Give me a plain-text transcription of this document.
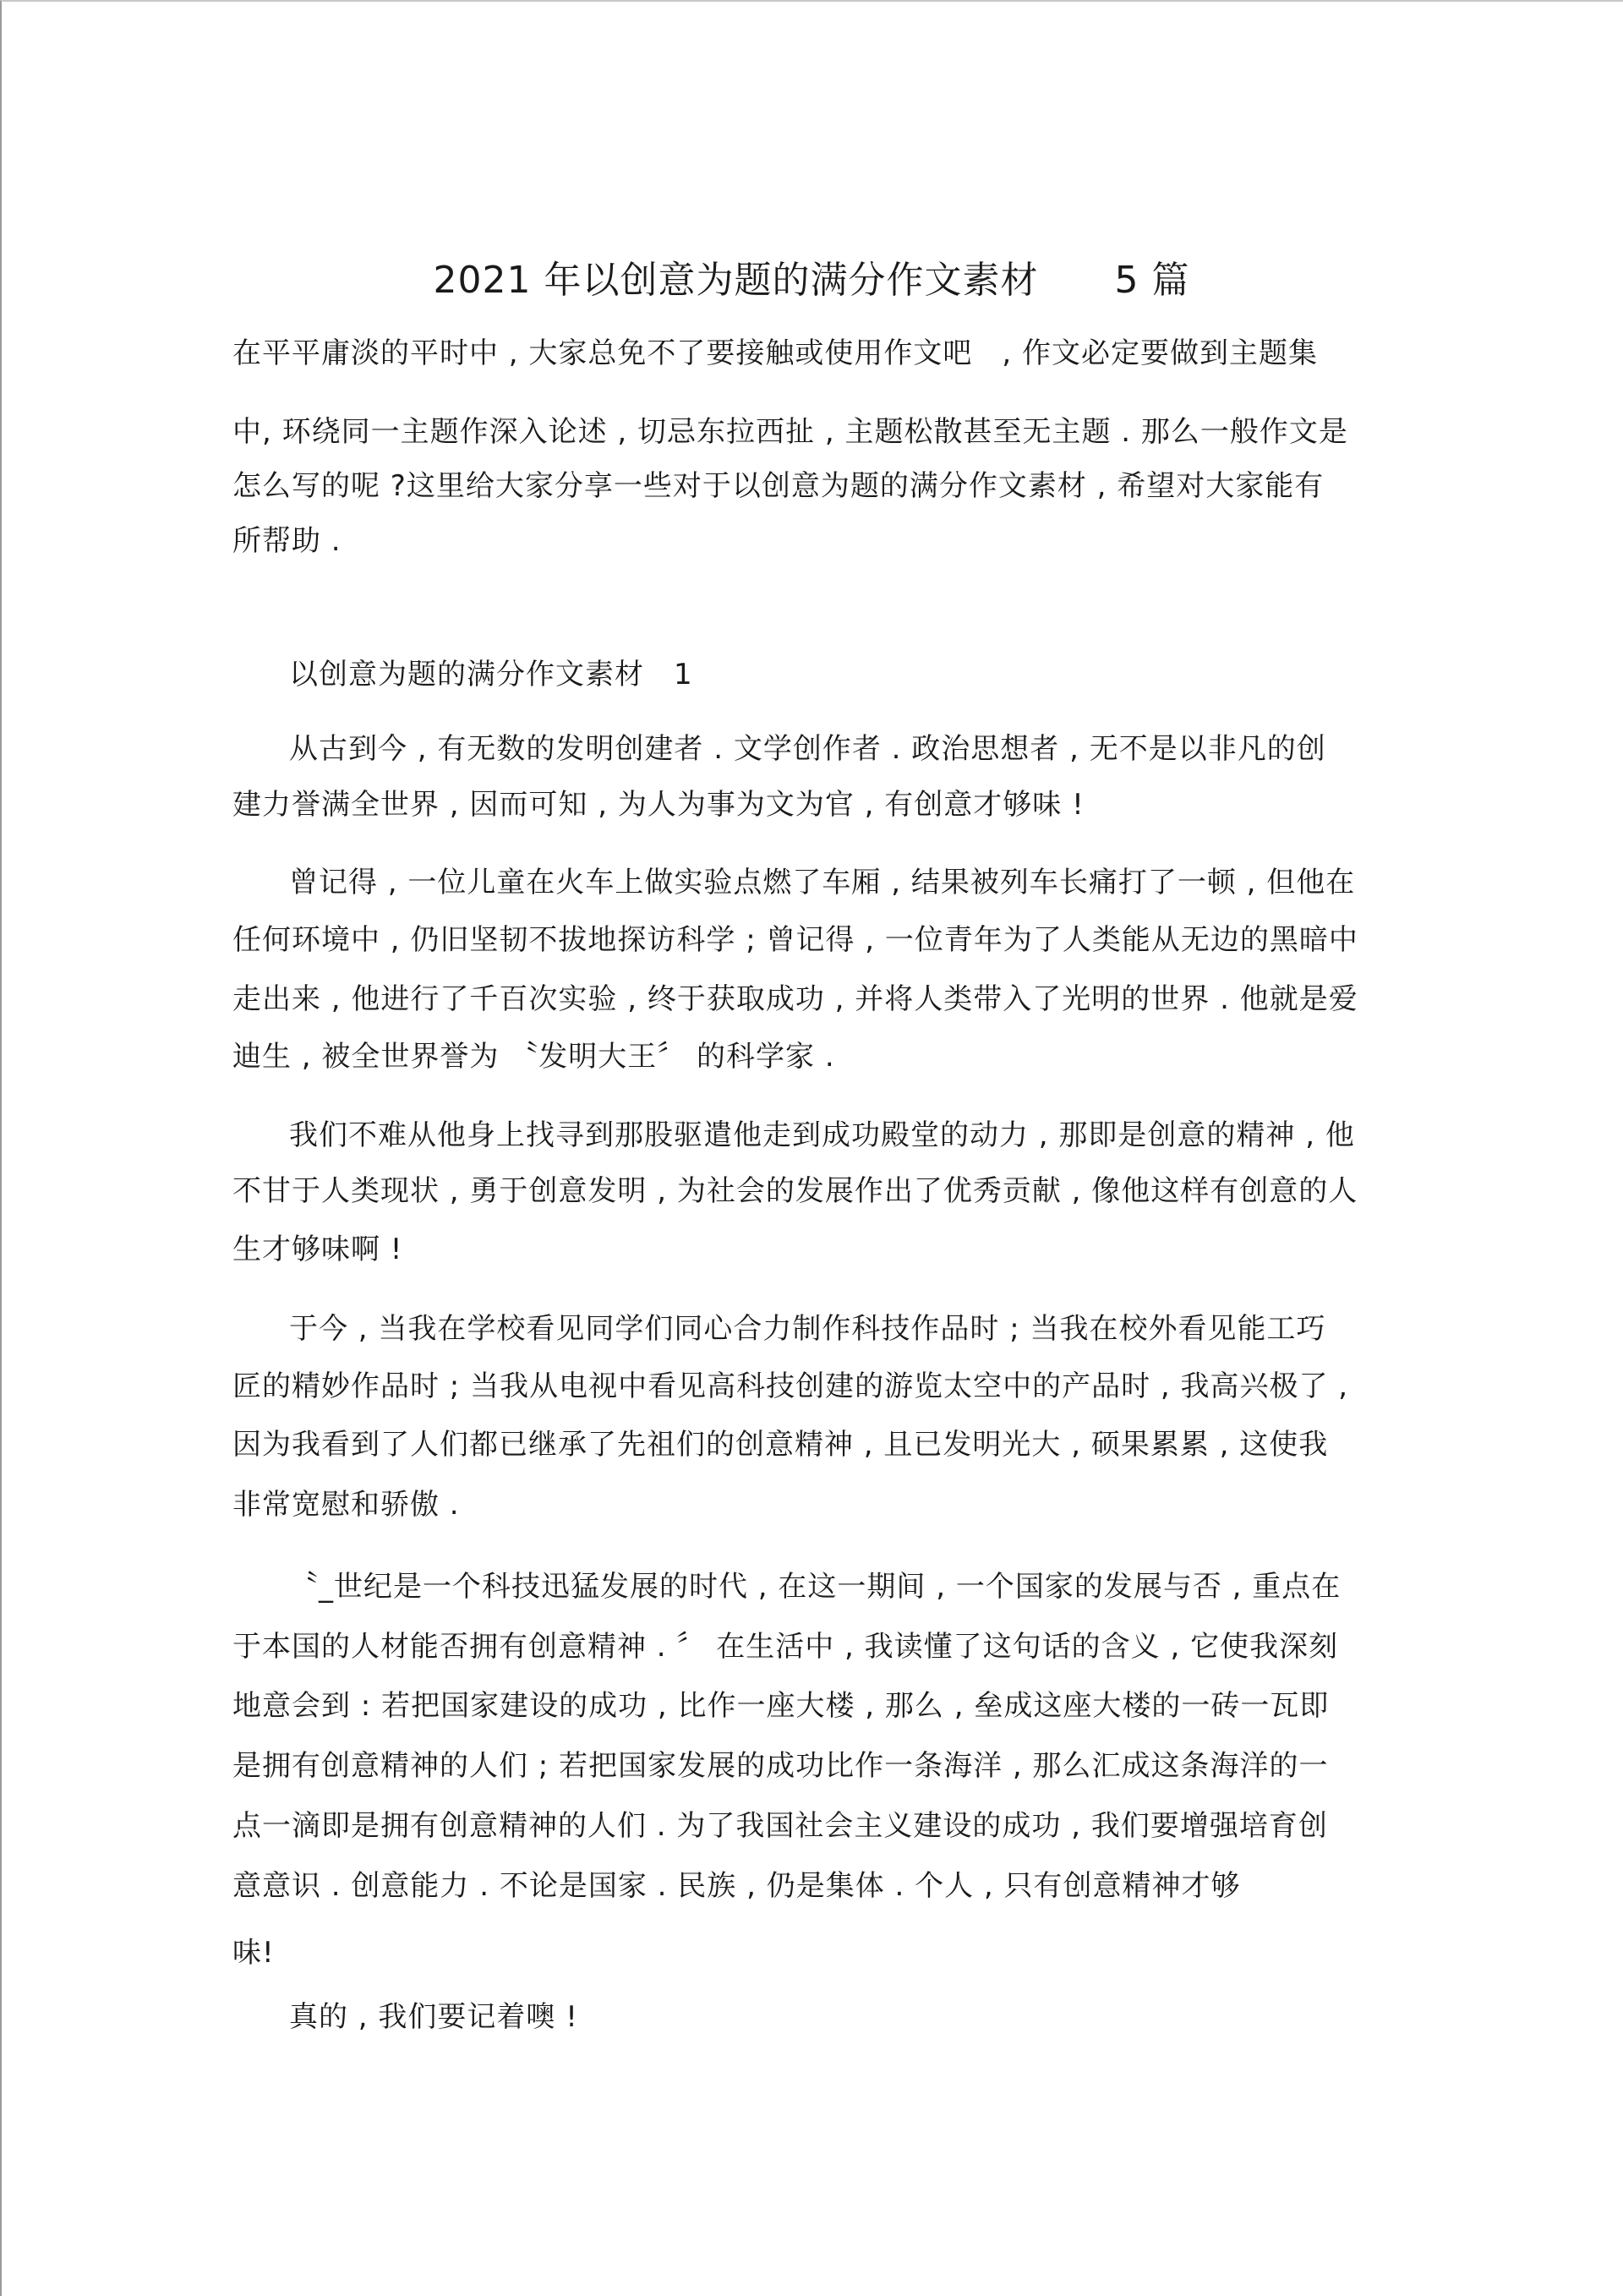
2021 年以创意为题的满分作文素材　　5 篇
在平平庸淡的平时中 , 大家总免不了要接触或使用作文吧　, 作文必定要做到主题集
中, 环绕同一主题作深入论述 , 切忌东拉西扯 , 主题松散甚至无主题 . 那么一般作文是
怎么写的呢 ?这里给大家分享一些对于以创意为题的满分作文素材 , 希望对大家能有
所帮助 .
以创意为题的满分作文素材　1
从古到今 , 有无数的发明创建者 . 文学创作者 . 政治思想者 , 无不是以非凡的创
建力誉满全世界 , 因而可知 , 为人为事为文为官 , 有创意才够味 !
曾记得 , 一位儿童在火车上做实验点燃了车厢 , 结果被列车长痛打了一顿 , 但他在
任何环境中 , 仍旧坚韧不拔地探访科学 ; 曾记得 , 一位青年为了人类能从无边的黑暗中
走出来 , 他进行了千百次实验 , 终于获取成功 , 并将人类带入了光明的世界 . 他就是爱
迪生 , 被全世界誉为 〝发明大王〞 的科学家 .
我们不难从他身上找寻到那股驱遣他走到成功殿堂的动力 , 那即是创意的精神 , 他
不甘于人类现状 , 勇于创意发明 , 为社会的发展作出了优秀贡献 , 像他这样有创意的人
生才够味啊 !
于今 , 当我在学校看见同学们同心合力制作科技作品时 ; 当我在校外看见能工巧
匠的精妙作品时 ; 当我从电视中看见高科技创建的游览太空中的产品时 , 我高兴极了 ,
因为我看到了人们都已继承了先祖们的创意精神 , 且已发明光大 , 硕果累累 , 这使我
非常宽慰和骄傲 .
〝_世纪是一个科技迅猛发展的时代 , 在这一期间 , 一个国家的发展与否 , 重点在
于本国的人材能否拥有创意精神 . 〞 在生活中 , 我读懂了这句话的含义 , 它使我深刻
地意会到 : 若把国家建设的成功 , 比作一座大楼 , 那么 , 垒成这座大楼的一砖一瓦即
是拥有创意精神的人们 ; 若把国家发展的成功比作一条海洋 , 那么汇成这条海洋的一
点一滴即是拥有创意精神的人们 . 为了我国社会主义建设的成功 , 我们要增强培育创
意意识 . 创意能力 . 不论是国家 . 民族 , 仍是集体 . 个人 , 只有创意精神才够
味!
真的 , 我们要记着噢 !
